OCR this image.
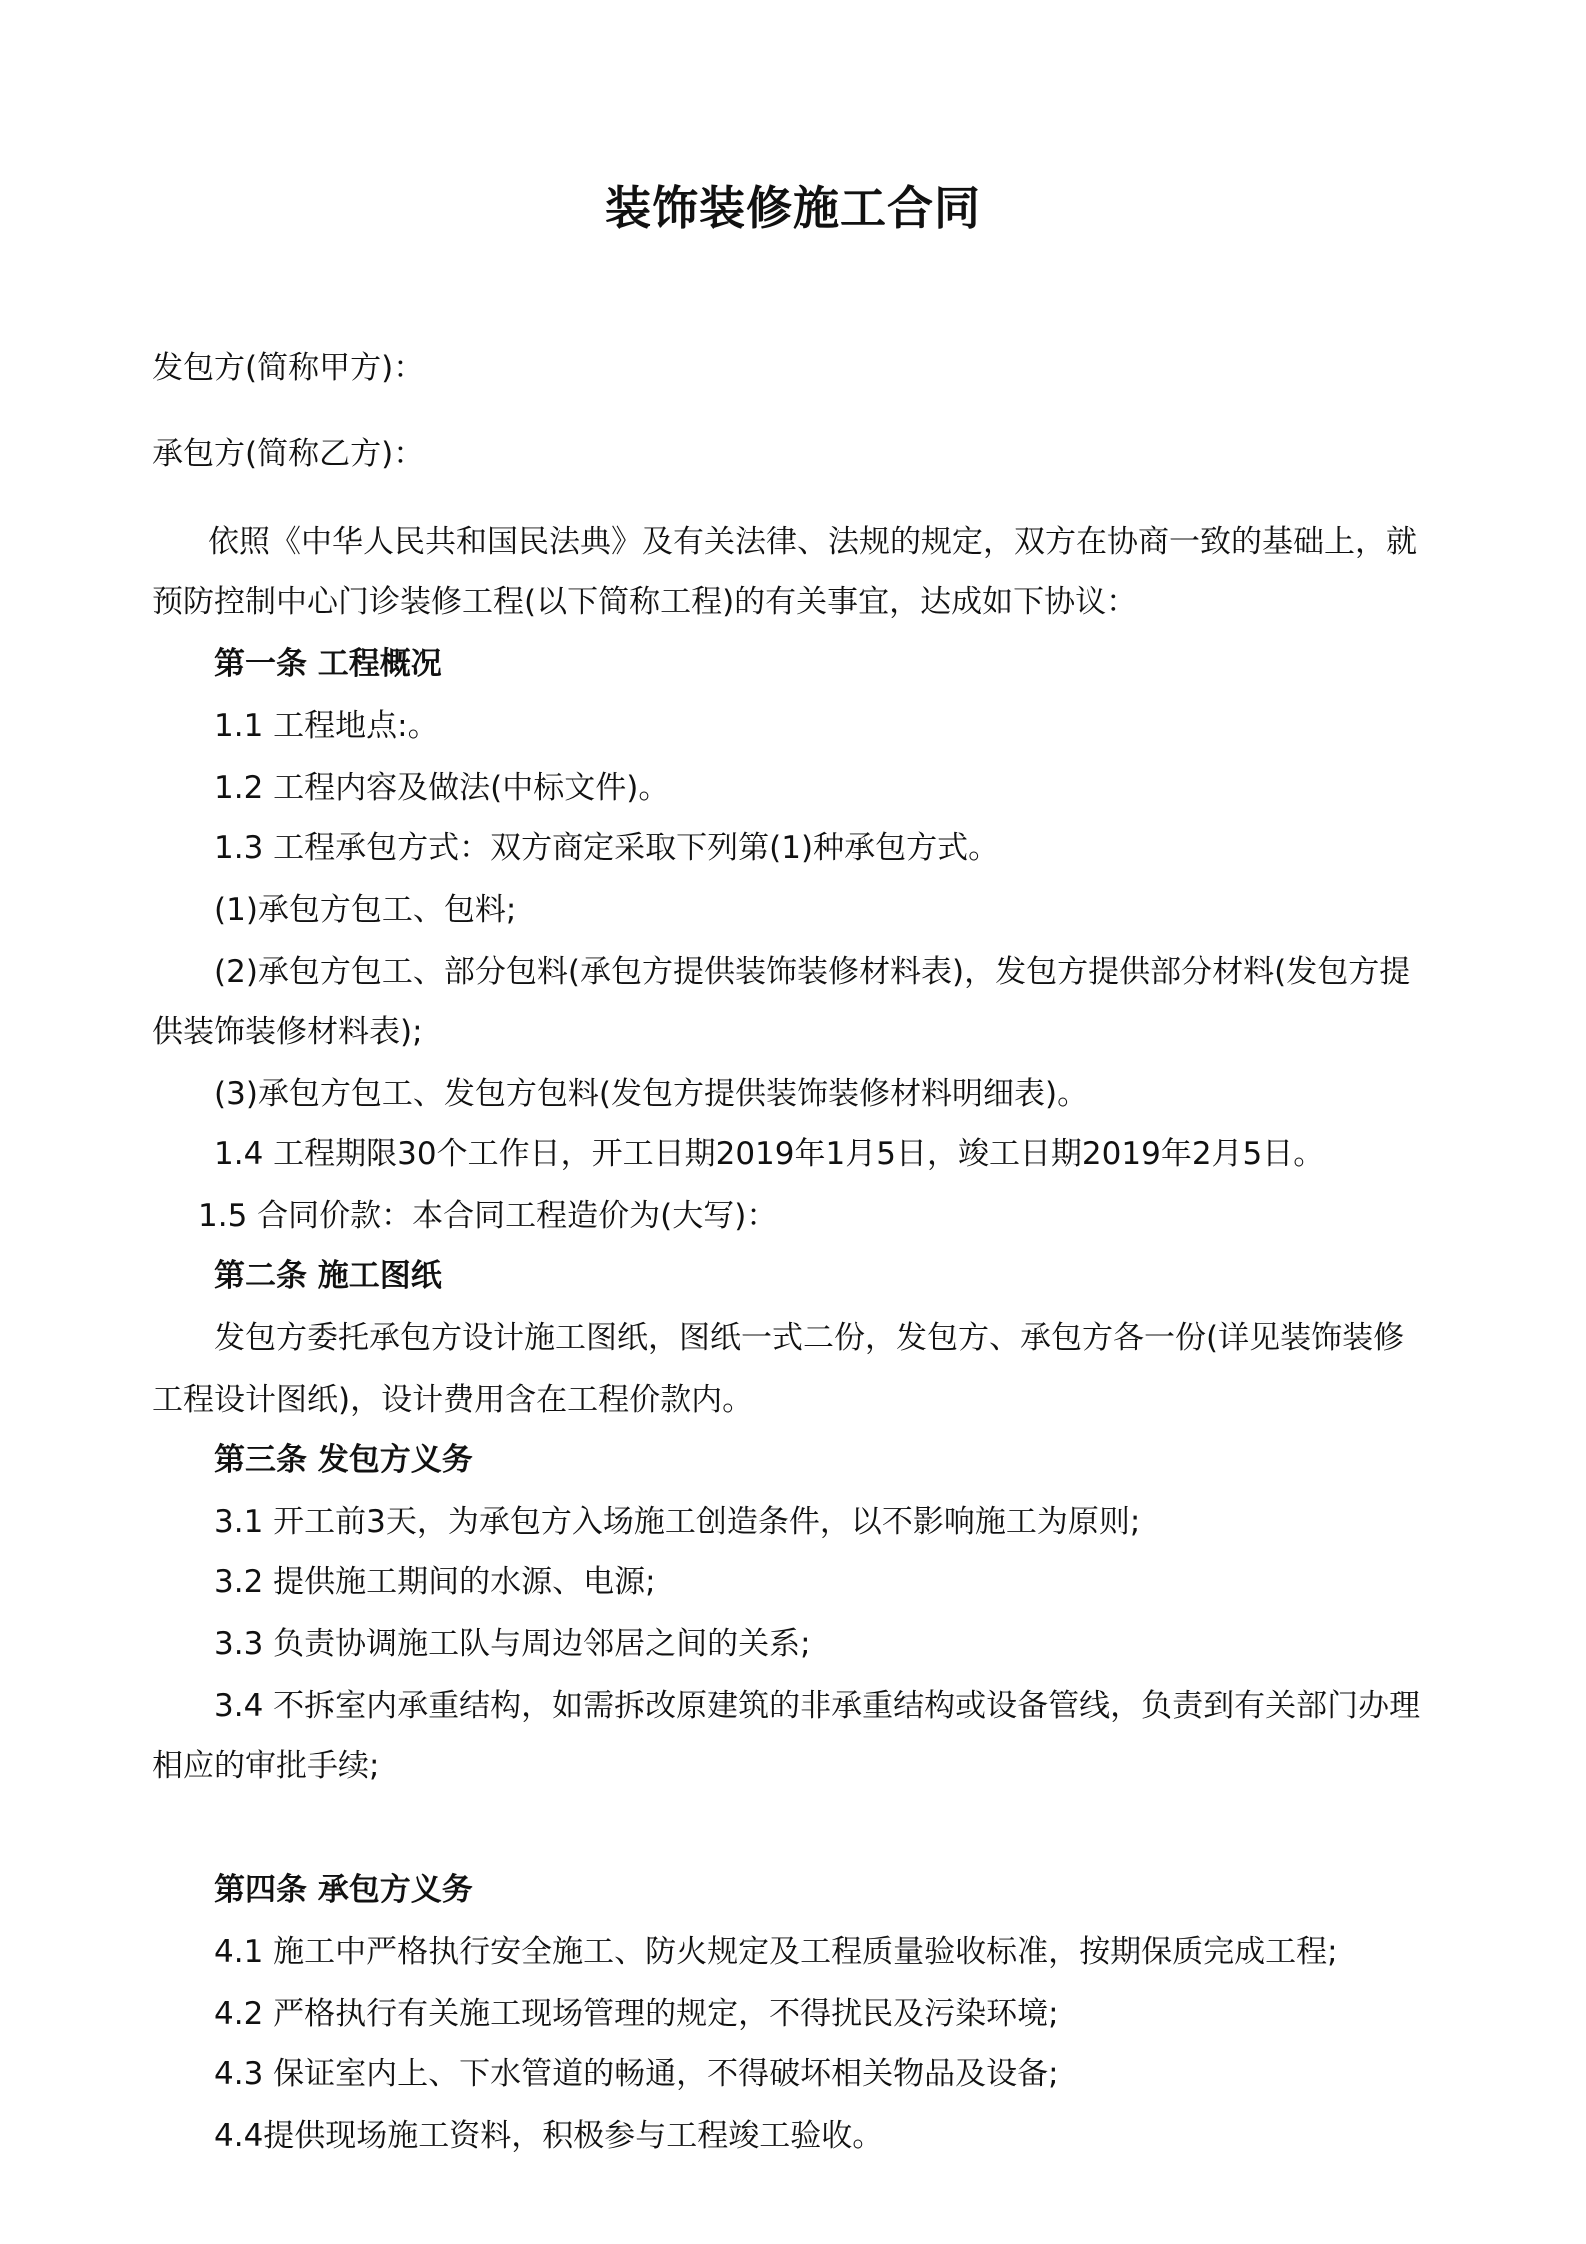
装饰装修施工合同
发包方(简称甲方)：
承包方(简称乙方)：
依照《中华人民共和国民法典》及有关法律、法规的规定，双方在协商一致的基础上，就
预防控制中心门诊装修工程(以下简称工程)的有关事宜，达成如下协议：
第一条 工程概况
1.1 工程地点:。
1.2 工程内容及做法(中标文件)。
1.3 工程承包方式：双方商定采取下列第(1)种承包方式。
(1)承包方包工、包料;
(2)承包方包工、部分包料(承包方提供装饰装修材料表)，发包方提供部分材料(发包方提
供装饰装修材料表);
(3)承包方包工、发包方包料(发包方提供装饰装修材料明细表)。
1.4 工程期限30个工作日，开工日期2019年1月5日，竣工日期2019年2月5日。
1.5 合同价款：本合同工程造价为(大写)：
第二条 施工图纸
发包方委托承包方设计施工图纸，图纸一式二份，发包方、承包方各一份(详见装饰装修
工程设计图纸)，设计费用含在工程价款内。
第三条 发包方义务
3.1 开工前3天，为承包方入场施工创造条件，以不影响施工为原则;
3.2 提供施工期间的水源、电源;
3.3 负责协调施工队与周边邻居之间的关系;
3.4 不拆室内承重结构，如需拆改原建筑的非承重结构或设备管线，负责到有关部门办理
相应的审批手续;
第四条 承包方义务
4.1 施工中严格执行安全施工、防火规定及工程质量验收标准，按期保质完成工程;
4.2 严格执行有关施工现场管理的规定，不得扰民及污染环境;
4.3 保证室内上、下水管道的畅通，不得破坏相关物品及设备;
4.4提供现场施工资料，积极参与工程竣工验收。
